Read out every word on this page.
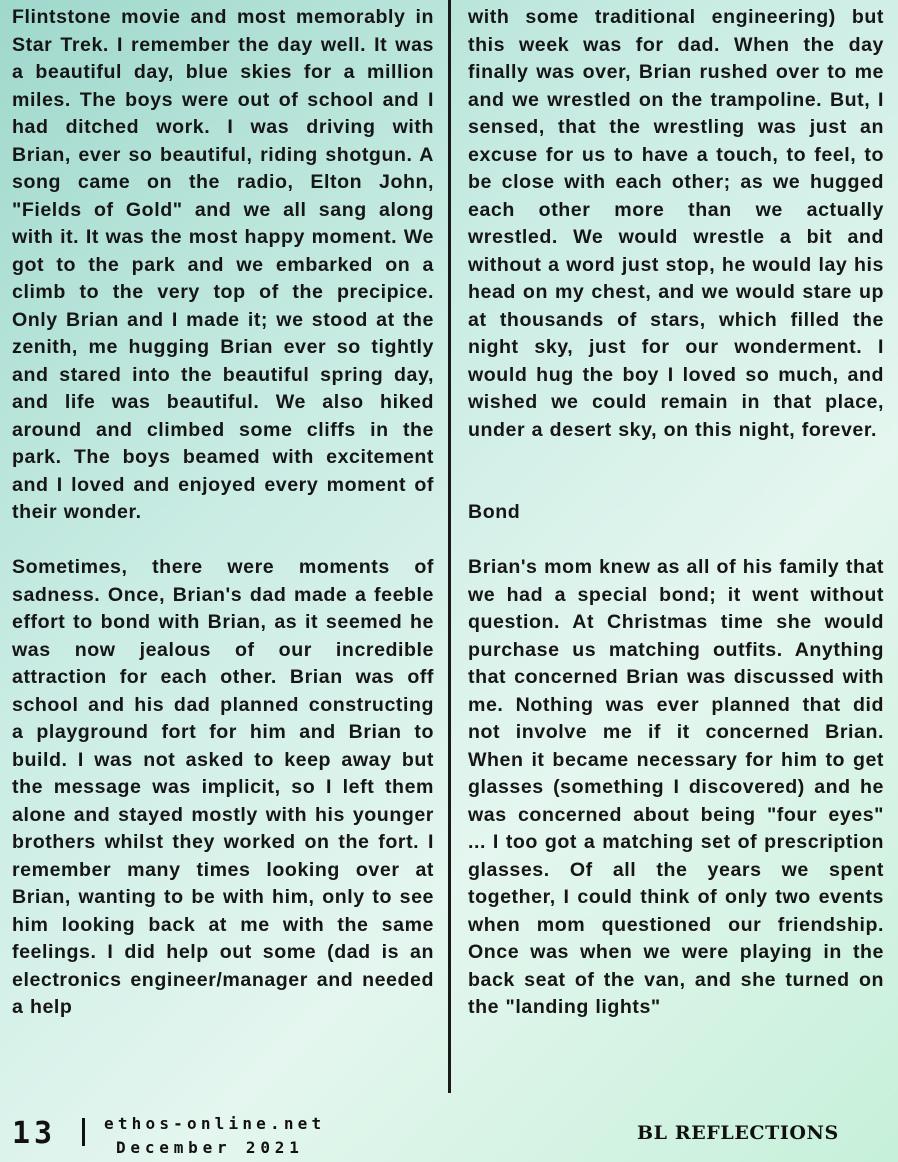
Flintstone movie and most memorably in Star Trek. I remember the day well. It was a beautiful day, blue skies for a million miles. The boys were out of school and I had ditched work. I was driving with Brian, ever so beautiful, riding shotgun. A song came on the radio, Elton John, "Fields of Gold" and we all sang along with it. It was the most happy moment. We got to the park and we embarked on a climb to the very top of the precipice. Only Brian and I made it; we stood at the zenith, me hugging Brian ever so tightly and stared into the beautiful spring day, and life was beautiful. We also hiked around and climbed some cliffs in the park. The boys beamed with excitement and I loved and enjoyed every moment of their wonder.

Sometimes, there were moments of sadness. Once, Brian's dad made a feeble effort to bond with Brian, as it seemed he was now jealous of our incredible attraction for each other. Brian was off school and his dad planned constructing a playground fort for him and Brian to build. I was not asked to keep away but the message was implicit, so I left them alone and stayed mostly with his younger brothers whilst they worked on the fort. I remember many times looking over at Brian, wanting to be with him, only to see him looking back at me with the same feelings. I did help out some (dad is an electronics engineer/manager and needed a help

with some traditional engineering) but this week was for dad. When the day finally was over, Brian rushed over to me and we wrestled on the trampoline. But, I sensed, that the wrestling was just an excuse for us to have a touch, to feel, to be close with each other; as we hugged each other more than we actually wrestled. We would wrestle a bit and without a word just stop, he would lay his head on my chest, and we would stare up at thousands of stars, which filled the night sky, just for our wonderment. I would hug the boy I loved so much, and wished we could remain in that place, under a desert sky, on this night, forever.

Bond

Brian's mom knew as all of his family that we had a special bond; it went without question. At Christmas time she would purchase us matching outfits. Anything that concerned Brian was discussed with me. Nothing was ever planned that did not involve me if it concerned Brian. When it became necessary for him to get glasses (something I discovered) and he was concerned about being "four eyes" ... I too got a matching set of prescription glasses. Of all the years we spent together, I could think of only two events when mom questioned our friendship. Once was when we were playing in the back seat of the van, and she turned on the "landing lights"

13	ethos-online.net
December 2021
BL REFLECTIONS
